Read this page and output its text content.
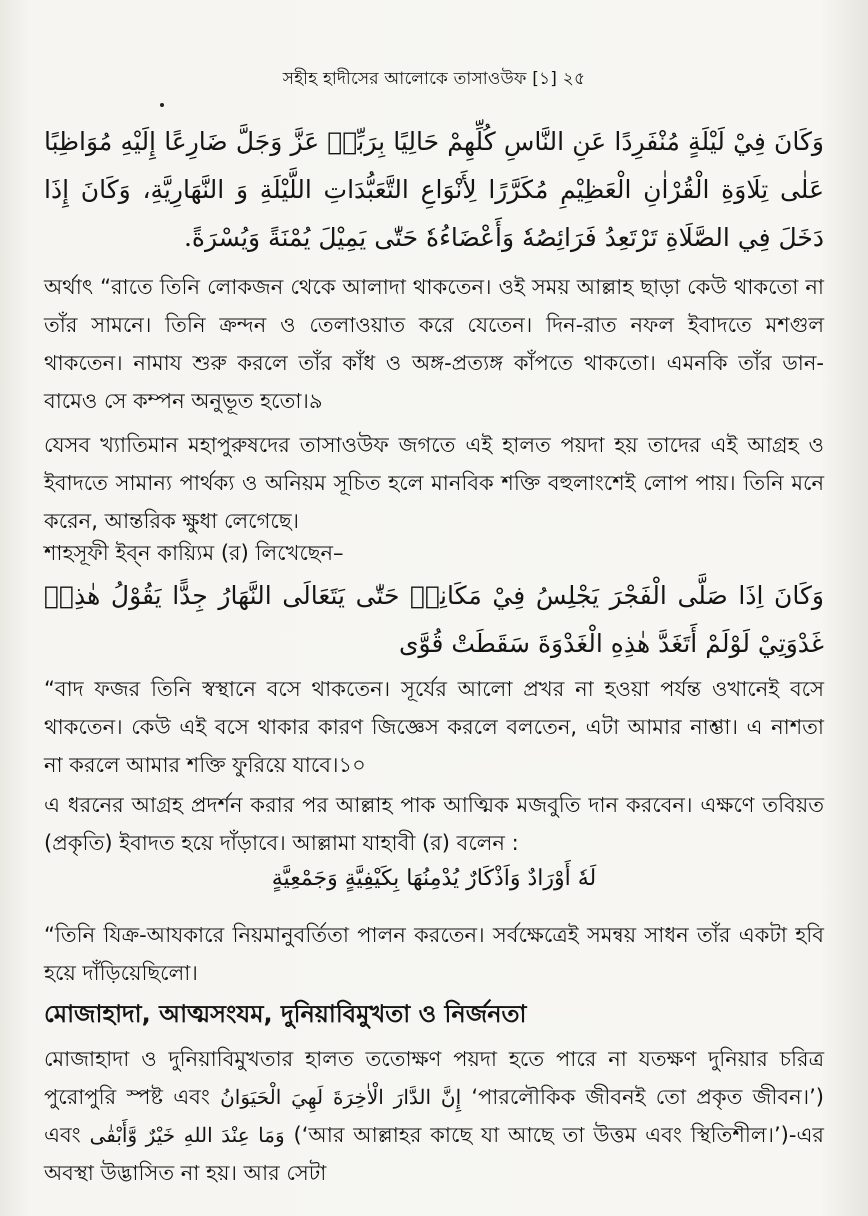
সহীহ হাদীসের আলোকে তাসাওউফ [১] ২৫
وَكَانَ فِيْ لَيْلَةٍ مُنْفَرِدًا عَنِ النَّاسِ كُلِّهِمْ حَالِيًا بِرَبِّهٖ عَزَّ وَجَلَّ ضَارِعًا إِلَيْهِ مُوَاظِبًا عَلٰى تِلَاوَةِ الْقُرْاٰنِ الْعَظِيْمِ مُكَرَّرًا لِأَنْوَاعِ التَّعَبُّدَاتِ اللَّيْلَةِ وَ النَّهَارِيَّةِ، وَكَانَ إِذَا دَخَلَ فِي الصَّلَاةِ تَرْتَعِدُ فَرَائِصُهٗ وَأَعْضَاءُهٗ حَتّٰى يَمِيْلَ يُمْنَةً وَيُسْرَةً.

অর্থাৎ “রাতে তিনি লোকজন থেকে আলাদা থাকতেন। ওই সময় আল্লাহ ছাড়া কেউ থাকতো না তাঁর সামনে। তিনি ক্রন্দন ও তেলাওয়াত করে যেতেন। দিন-রাত নফল ইবাদতে মশগুল থাকতেন। নামায শুরু করলে তাঁর কাঁধ ও অঙ্গ-প্রত্যঙ্গ কাঁপতে থাকতো। এমনকি তাঁর ডান-বামেও সে কম্পন অনুভূত হতো।৯

যেসব খ্যাতিমান মহাপুরুষদের তাসাওউফ জগতে এই হালত পয়দা হয় তাদের এই আগ্রহ ও ইবাদতে সামান্য পার্থক্য ও অনিয়ম সূচিত হলে মানবিক শক্তি বহুলাংশেই লোপ পায়। তিনি মনে করেন, আন্তরিক ক্ষুধা লেগেছে।

শাহসূফী ইব্ন কায়্যিম (র) লিখেছেন–

وَكَانَ اِذَا صَلَّى الْفَجْرَ يَجْلِسُ فِيْ مَكَانِهٖ حَتّٰى يَتَعَالَى النَّهَارُ جِدًّا يَقُوْلُ هٰذِهٖ غَدْوَتِيْ لَوْلَمْ أَتَغَدَّ هٰذِهِ الْغَدْوَةَ سَقَطَتْ قُوَّى

“বাদ ফজর তিনি স্বস্থানে বসে থাকতেন। সূর্যের আলো প্রখর না হওয়া পর্যন্ত ওখানেই বসে থাকতেন। কেউ এই বসে থাকার কারণ জিজ্ঞেস করলে বলতেন, এটা আমার নাশ্তা। এ নাশতা না করলে আমার শক্তি ফুরিয়ে যাবে।১০

এ ধরনের আগ্রহ প্রদর্শন করার পর আল্লাহ পাক আত্মিক মজবুতি দান করবেন। এক্ষণে তবিয়ত (প্রকৃতি) ইবাদত হয়ে দাঁড়াবে। আল্লামা যাহাবী (র) বলেন :

لَهٗ أَوْرَادٌ وَاَذْكَارٌ يُدْمِنُهَا بِكَيْفِيَّةٍ وَجَمْعِيَّةٍ

“তিনি যিক্র-আযকারে নিয়মানুবর্তিতা পালন করতেন। সর্বক্ষেত্রেই সমন্বয় সাধন তাঁর একটা হবি হয়ে দাঁড়িয়েছিলো।

মোজাহাদা, আত্মসংযম, দুনিয়াবিমুখতা ও নির্জনতা

মোজাহাদা ও দুনিয়াবিমুখতার হালত ততোক্ষণ পয়দা হতে পারে না যতক্ষণ দুনিয়ার চরিত্র পুরোপুরি স্পষ্ট এবং إِنَّ الدَّارَ الْاٰخِرَةَ لَهِيَ الْحَيَوَانُ ‘পারলৌকিক জীবনই তো প্রকৃত জীবন।’) এবং وَمَا عِنْدَ اللهِ خَيْرٌ وَّأَبْقٰى (‘আর আল্লাহর কাছে যা আছে তা উত্তম এবং স্থিতিশীল।’)-এর অবস্থা উদ্ভাসিত না হয়। আর সেটা
